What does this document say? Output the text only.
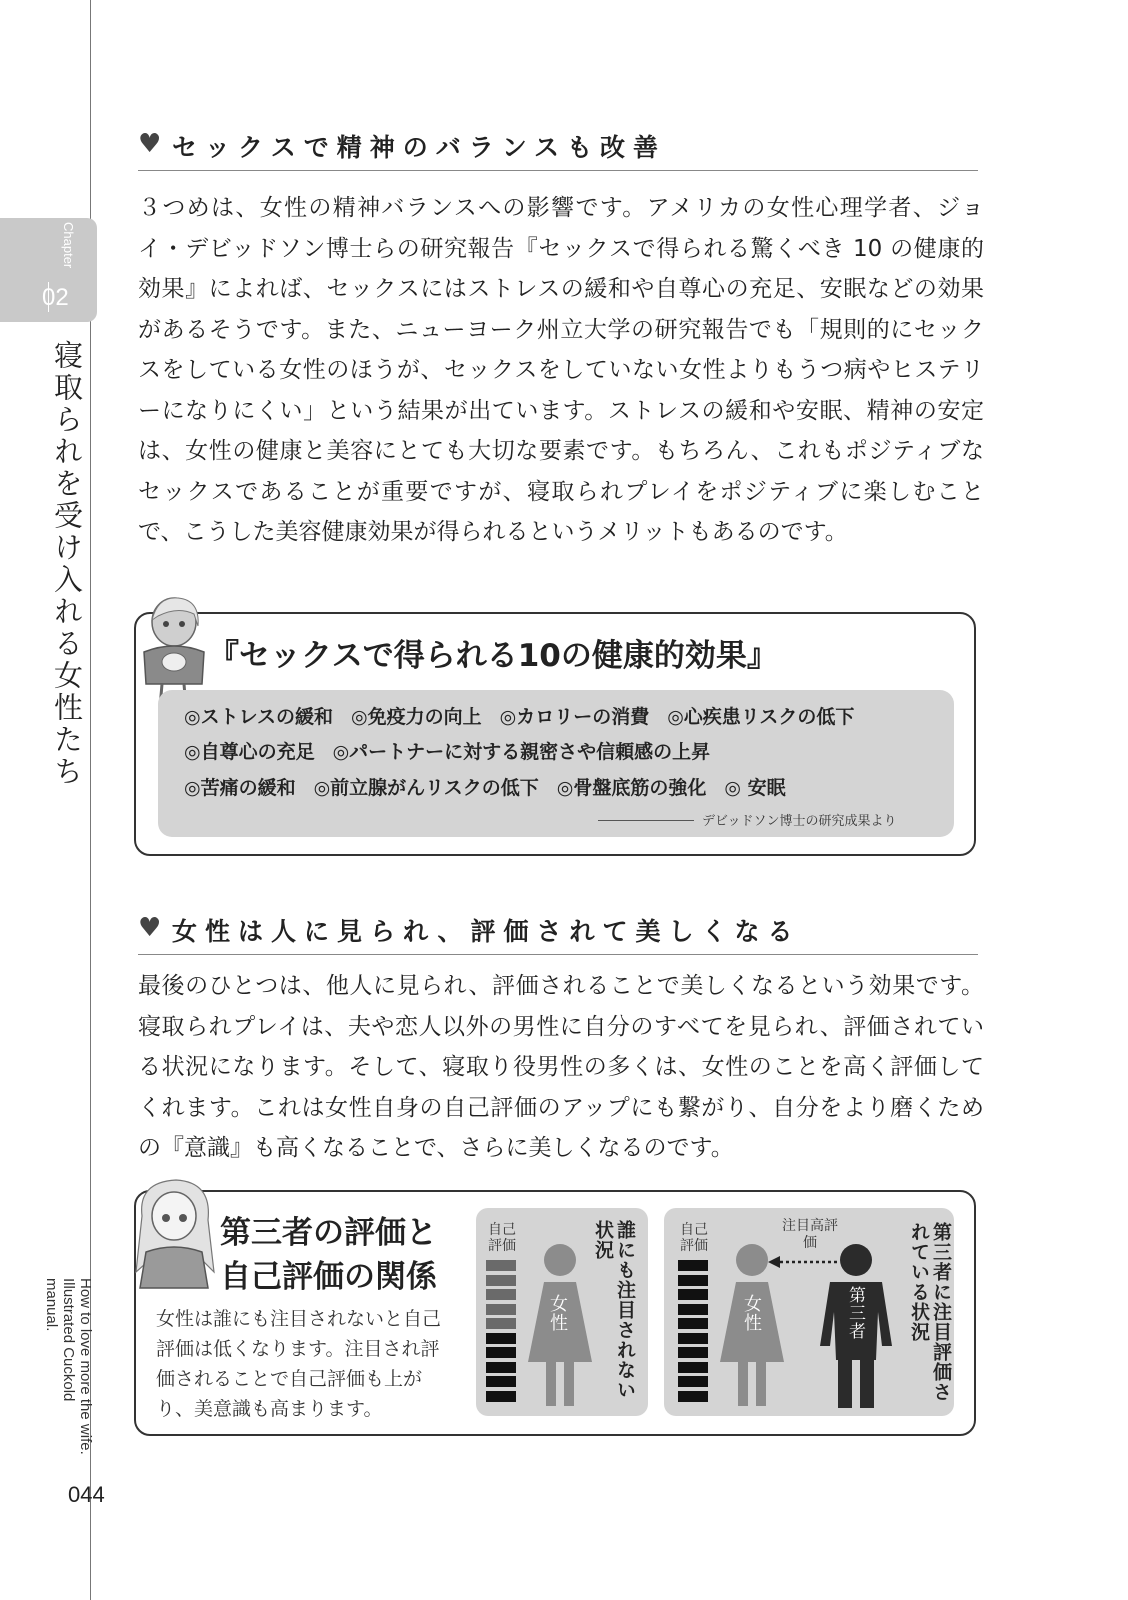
Chapter
02
寝取られを受け入れる女性たち
How to love more the wife. Illustrated Cuckold manual.
044
♥ セックスで精神のバランスも改善
３つめは、女性の精神バランスへの影響です。アメリカの女性心理学者、ジョイ・デビッドソン博士らの研究報告『セックスで得られる驚くべき 10 の健康的効果』によれば、セックスにはストレスの緩和や自尊心の充足、安眠などの効果があるそうです。また、ニューヨーク州立大学の研究報告でも「規則的にセックスをしている女性のほうが、セックスをしていない女性よりもうつ病やヒステリーになりにくい」という結果が出ています。ストレスの緩和や安眠、精神の安定は、女性の健康と美容にとても大切な要素です。もちろん、これもポジティブなセックスであることが重要ですが、寝取られプレイをポジティブに楽しむことで、こうした美容健康効果が得られるというメリットもあるのです。
『セックスで得られる10の健康的効果』
◎ストレスの緩和 ◎免疫力の向上 ◎カロリーの消費 ◎心疾患リスクの低下
◎自尊心の充足 ◎パートナーに対する親密さや信頼感の上昇
◎苦痛の緩和 ◎前立腺がんリスクの低下 ◎骨盤底筋の強化 ◎ 安眠
デビッドソン博士の研究成果より
♥ 女性は人に見られ、評価されて美しくなる
最後のひとつは、他人に見られ、評価されることで美しくなるという効果です。寝取られプレイは、夫や恋人以外の男性に自分のすべてを見られ、評価されている状況になります。そして、寝取り役男性の多くは、女性のことを高く評価してくれます。これは女性自身の自己評価のアップにも繋がり、自分をより磨くための『意識』も高くなることで、さらに美しくなるのです。
第三者の評価と
自己評価の関係
女性は誰にも注目されないと自己評価は低くなります。注目され評価されることで自己評価も上がり、美意識も高まります。
自己評価
女性	誰にも注目されない状況	自己評価
注目高評価
女性	第三者	第三者に注目評価されている状況
